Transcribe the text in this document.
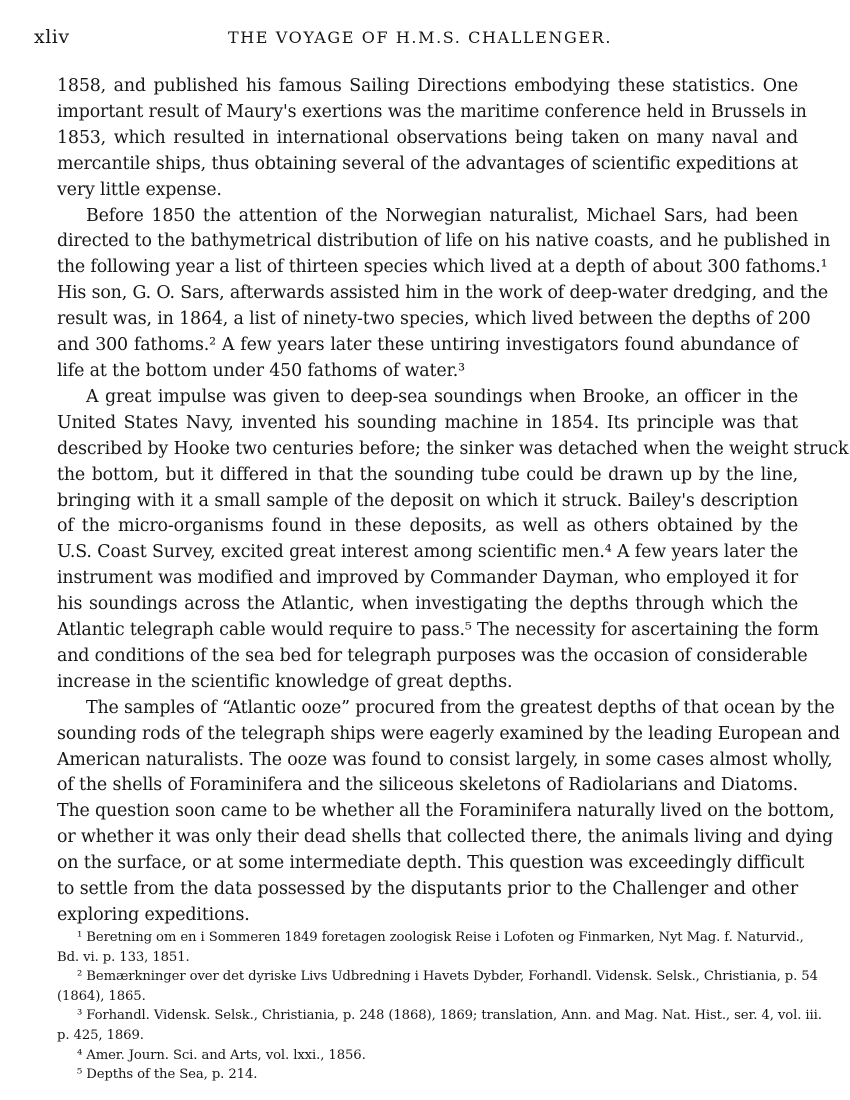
xliv	THE VOYAGE OF H.M.S. CHALLENGER.
1858, and published his famous Sailing Directions embodying these statistics. One
important result of Maury's exertions was the maritime conference held in Brussels in
1853, which resulted in international observations being taken on many naval and
mercantile ships, thus obtaining several of the advantages of scientific expeditions at
very little expense.
Before 1850 the attention of the Norwegian naturalist, Michael Sars, had been
directed to the bathymetrical distribution of life on his native coasts, and he published in
the following year a list of thirteen species which lived at a depth of about 300 fathoms.¹
His son, G. O. Sars, afterwards assisted him in the work of deep-water dredging, and the
result was, in 1864, a list of ninety-two species, which lived between the depths of 200
and 300 fathoms.² A few years later these untiring investigators found abundance of
life at the bottom under 450 fathoms of water.³
A great impulse was given to deep-sea soundings when Brooke, an officer in the
United States Navy, invented his sounding machine in 1854. Its principle was that
described by Hooke two centuries before; the sinker was detached when the weight struck
the bottom, but it differed in that the sounding tube could be drawn up by the line,
bringing with it a small sample of the deposit on which it struck. Bailey's description
of the micro-organisms found in these deposits, as well as others obtained by the
U.S. Coast Survey, excited great interest among scientific men.⁴ A few years later the
instrument was modified and improved by Commander Dayman, who employed it for
his soundings across the Atlantic, when investigating the depths through which the
Atlantic telegraph cable would require to pass.⁵ The necessity for ascertaining the form
and conditions of the sea bed for telegraph purposes was the occasion of considerable
increase in the scientific knowledge of great depths.
The samples of “Atlantic ooze” procured from the greatest depths of that ocean by the
sounding rods of the telegraph ships were eagerly examined by the leading European and
American naturalists. The ooze was found to consist largely, in some cases almost wholly,
of the shells of Foraminifera and the siliceous skeletons of Radiolarians and Diatoms.
The question soon came to be whether all the Foraminifera naturally lived on the bottom,
or whether it was only their dead shells that collected there, the animals living and dying
on the surface, or at some intermediate depth. This question was exceedingly difficult
to settle from the data possessed by the disputants prior to the Challenger and other
exploring expeditions.
¹ Beretning om en i Sommeren 1849 foretagen zoologisk Reise i Lofoten og Finmarken, Nyt Mag. f. Naturvid.,
Bd. vi. p. 133, 1851.
² Bemærkninger over det dyriske Livs Udbredning i Havets Dybder, Forhandl. Vidensk. Selsk., Christiania, p. 54
(1864), 1865.
³ Forhandl. Vidensk. Selsk., Christiania, p. 248 (1868), 1869; translation, Ann. and Mag. Nat. Hist., ser. 4, vol. iii.
p. 425, 1869.
⁴ Amer. Journ. Sci. and Arts, vol. lxxi., 1856.
⁵ Depths of the Sea, p. 214.
